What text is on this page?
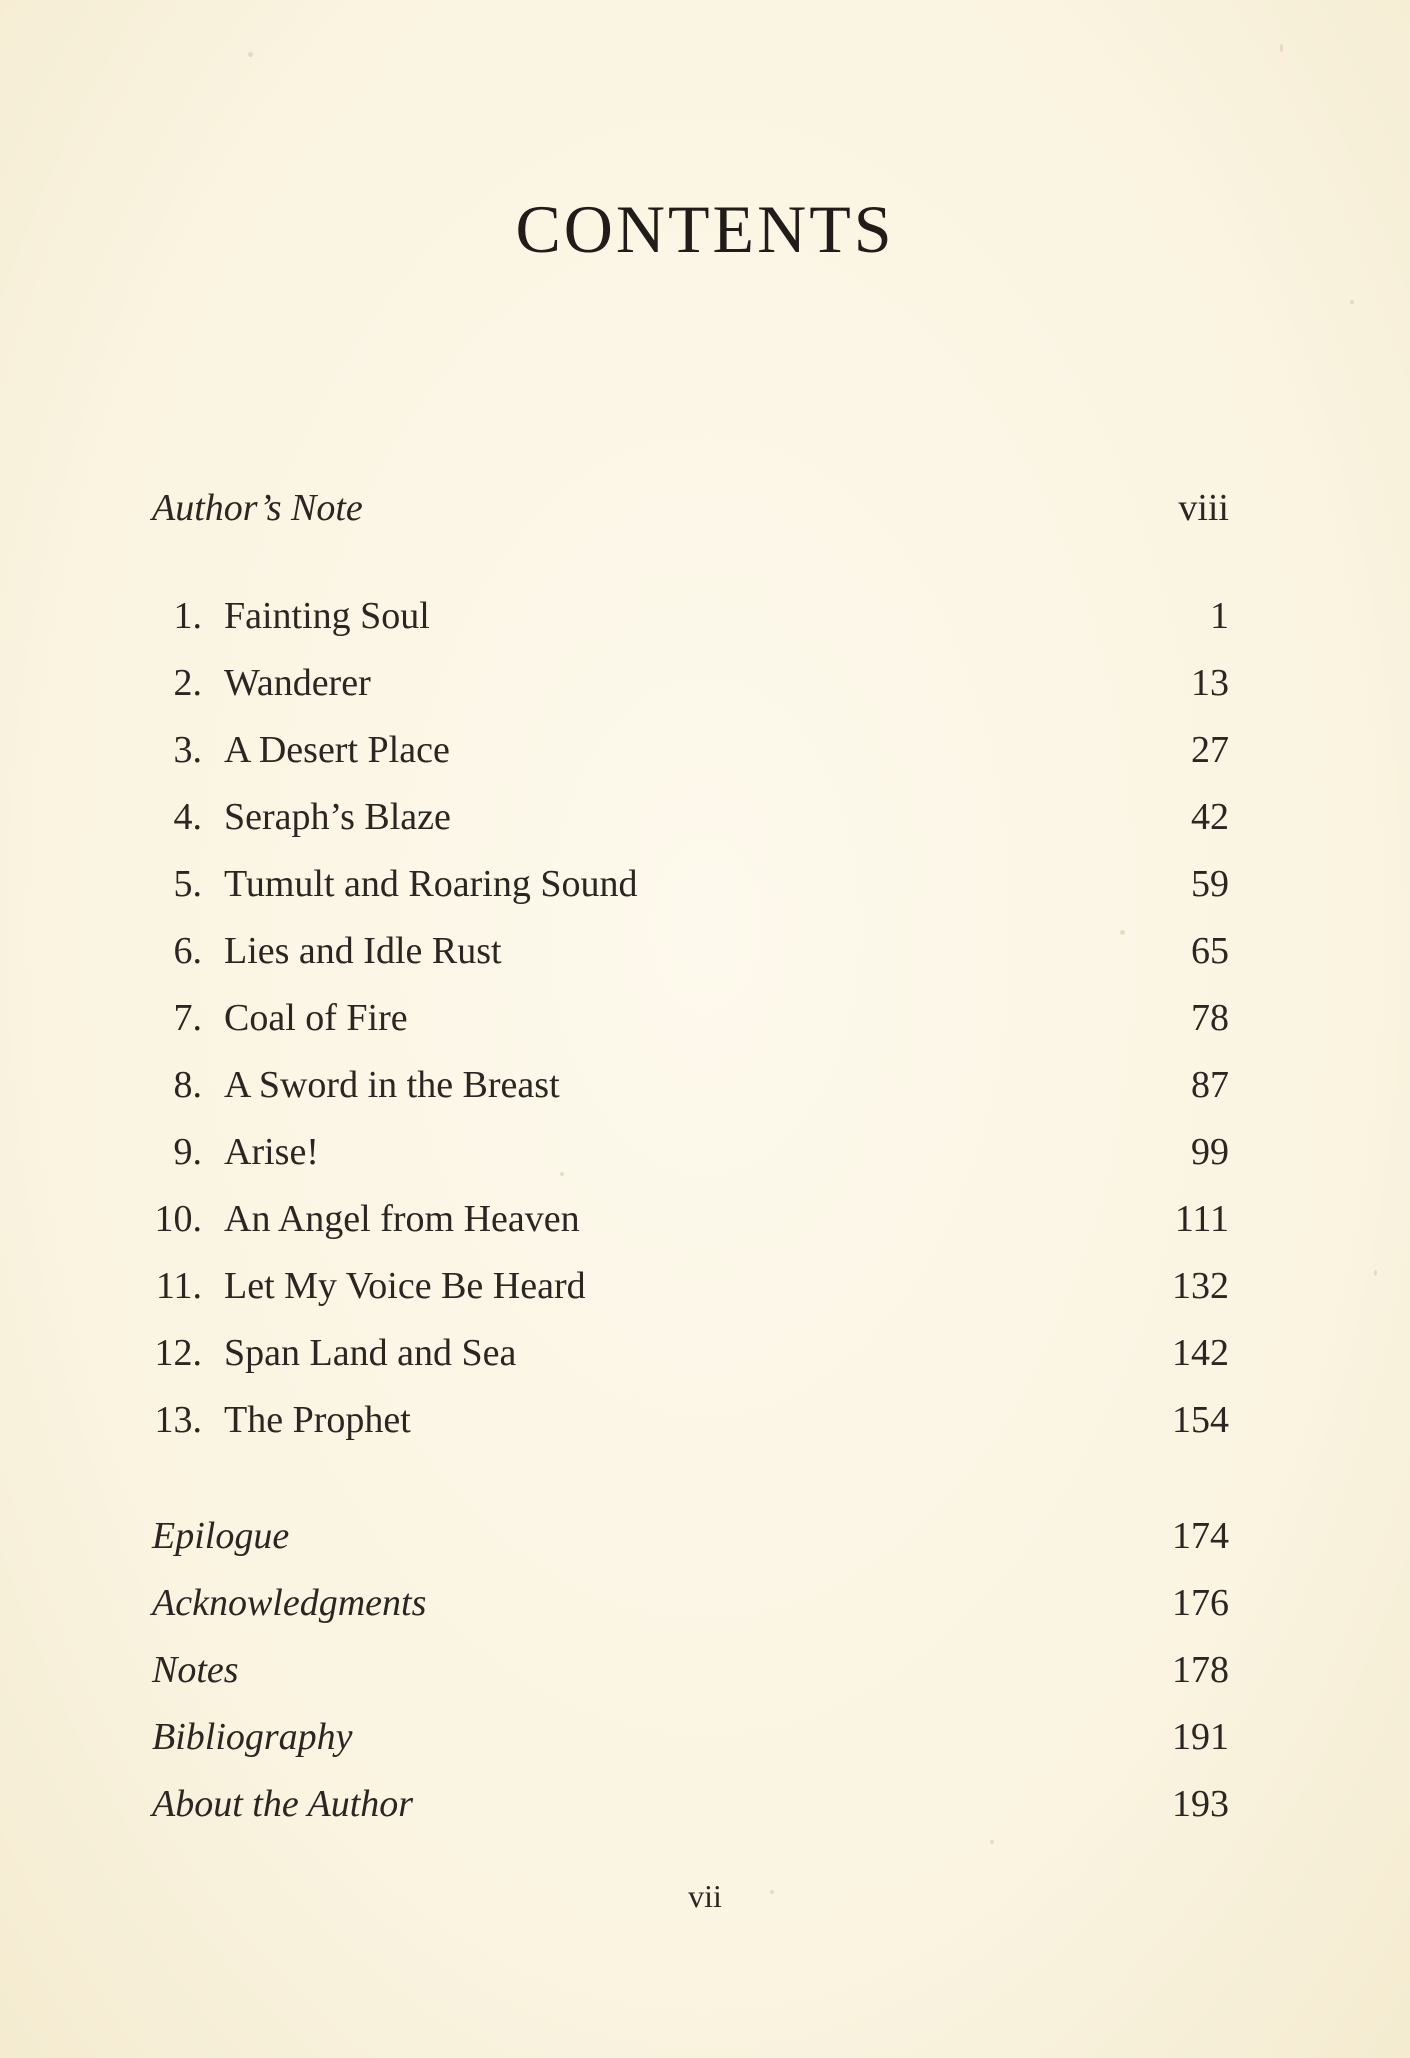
CONTENTS
Author’s Note	viii
1. Fainting Soul	1
2. Wanderer	13
3. A Desert Place	27
4. Seraph’s Blaze	42
5. Tumult and Roaring Sound	59
6. Lies and Idle Rust	65
7. Coal of Fire	78
8. A Sword in the Breast	87
9. Arise!	99
10. An Angel from Heaven	111
11. Let My Voice Be Heard	132
12. Span Land and Sea	142
13. The Prophet	154
Epilogue	174
Acknowledgments	176
Notes	178
Bibliography	191
About the Author	193
vii
